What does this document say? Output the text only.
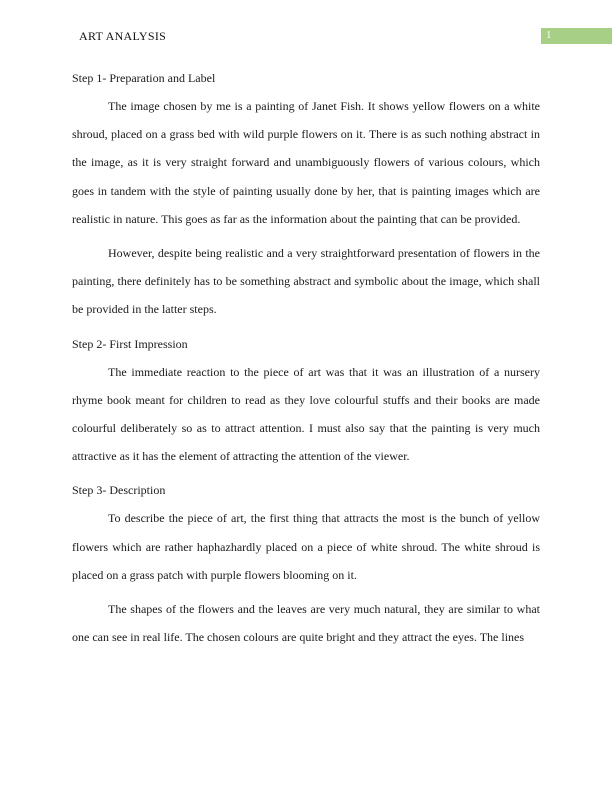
ART ANALYSIS	1

Step 1- Preparation and Label

The image chosen by me is a painting of Janet Fish. It shows yellow flowers on a white shroud, placed on a grass bed with wild purple flowers on it. There is as such nothing abstract in the image, as it is very straight forward and unambiguously flowers of various colours, which goes in tandem with the style of painting usually done by her, that is painting images which are realistic in nature. This goes as far as the information about the painting that can be provided.

However, despite being realistic and a very straightforward presentation of flowers in the painting, there definitely has to be something abstract and symbolic about the image, which shall be provided in the latter steps.

Step 2- First Impression

The immediate reaction to the piece of art was that it was an illustration of a nursery rhyme book meant for children to read as they love colourful stuffs and their books are made colourful deliberately so as to attract attention. I must also say that the painting is very much attractive as it has the element of attracting the attention of the viewer.

Step 3- Description

To describe the piece of art, the first thing that attracts the most is the bunch of yellow flowers which are rather haphazhardly placed on a piece of white shroud. The white shroud is placed on a grass patch with purple flowers blooming on it.

The shapes of the flowers and the leaves are very much natural, they are similar to what one can see in real life. The chosen colours are quite bright and they attract the eyes. The lines
